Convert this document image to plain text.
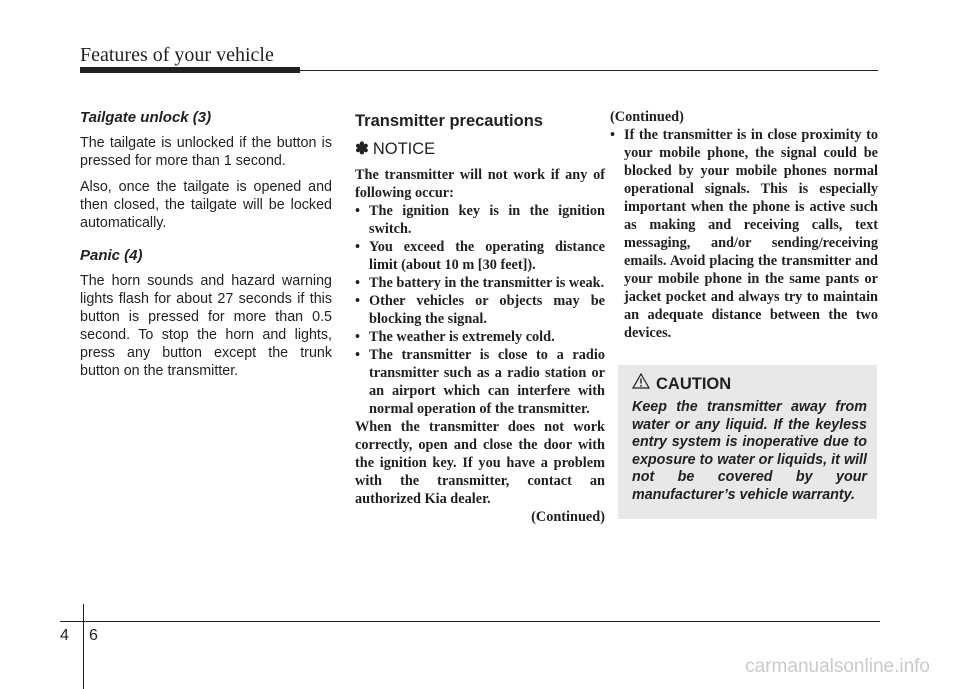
Features of your vehicle
Tailgate unlock (3)

The tailgate is unlocked if the button is pressed for more than 1 second.

Also, once the tailgate is opened and then closed, the tailgate will be locked automatically.

Panic (4)

The horn sounds and hazard warning lights flash for about 27 seconds if this button is pressed for more than 0.5 second. To stop the horn and lights, press any button except the trunk button on the transmitter.

Transmitter precautions
✽ NOTICE

The transmitter will not work if any of following occur:

• The ignition key is in the ignition switch.
• You exceed the operating distance limit (about 10 m [30 feet]).
• The battery in the transmitter is weak.
• Other vehicles or objects may be blocking the signal.
• The weather is extremely cold.
• The transmitter is close to a radio transmitter such as a radio station or an airport which can interfere with normal operation of the transmitter.

When the transmitter does not work correctly, open and close the door with the ignition key. If you have a problem with the transmitter, contact an authorized Kia dealer.

(Continued)

(Continued)

• If the transmitter is in close proximity to your mobile phone, the signal could be blocked by your mobile phones normal operational signals. This is especially important when the phone is active such as making and receiving calls, text messaging, and/or sending/receiving emails. Avoid placing the transmitter and your mobile phone in the same pants or jacket pocket and always try to maintain an adequate distance between the two devices.
CAUTION
Keep the transmitter away from water or any liquid. If the keyless entry system is inoperative due to exposure to water or liquids, it will not be covered by your manufacturer’s vehicle warranty.
4 6
carmanualsonline.info
